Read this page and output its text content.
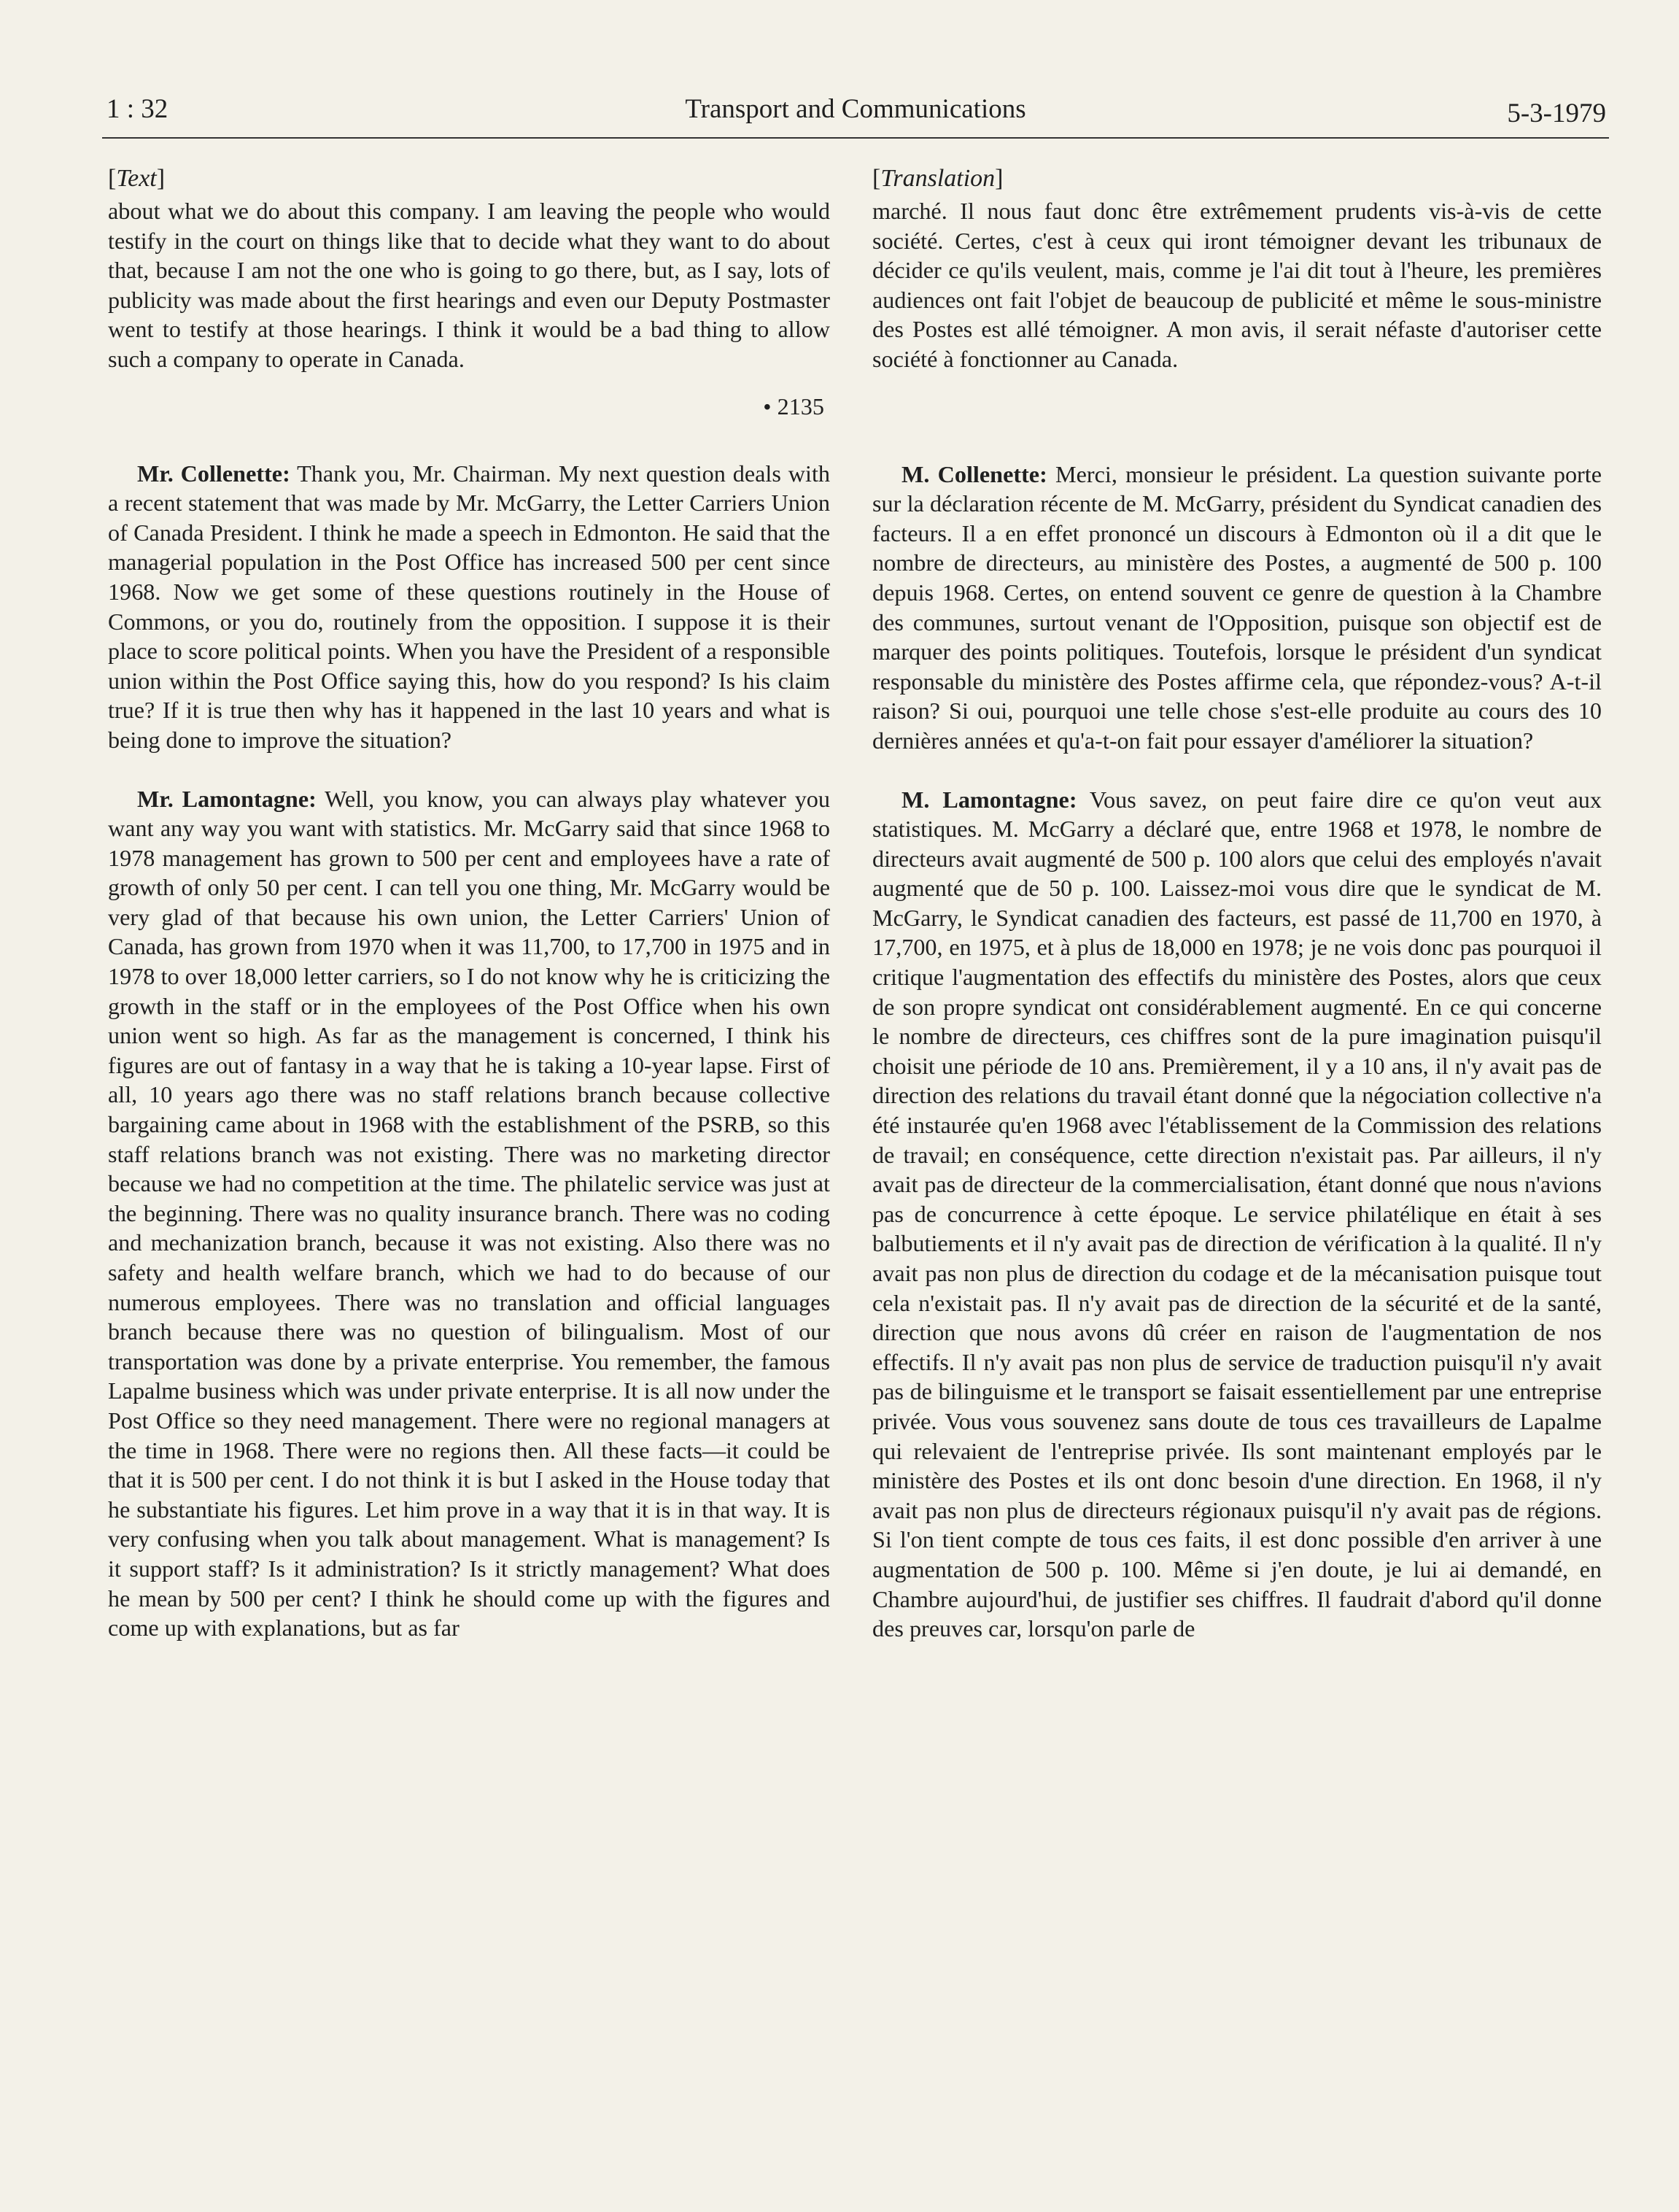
1 : 32	Transport and Communications	5-3-1979
[Text]

about what we do about this company. I am leaving the people who would testify in the court on things like that to decide what they want to do about that, because I am not the one who is going to go there, but, as I say, lots of publicity was made about the first hearings and even our Deputy Postmaster went to testify at those hearings. I think it would be a bad thing to allow such a company to operate in Canada.

• 2135

Mr. Collenette: Thank you, Mr. Chairman. My next question deals with a recent statement that was made by Mr. McGarry, the Letter Carriers Union of Canada President. I think he made a speech in Edmonton. He said that the managerial population in the Post Office has increased 500 per cent since 1968. Now we get some of these questions routinely in the House of Commons, or you do, routinely from the opposition. I suppose it is their place to score political points. When you have the President of a responsible union within the Post Office saying this, how do you respond? Is his claim true? If it is true then why has it happened in the last 10 years and what is being done to improve the situation?

Mr. Lamontagne: Well, you know, you can always play whatever you want any way you want with statistics. Mr. McGarry said that since 1968 to 1978 management has grown to 500 per cent and employees have a rate of growth of only 50 per cent. I can tell you one thing, Mr. McGarry would be very glad of that because his own union, the Letter Carriers' Union of Canada, has grown from 1970 when it was 11,700, to 17,700 in 1975 and in 1978 to over 18,000 letter carriers, so I do not know why he is criticizing the growth in the staff or in the employees of the Post Office when his own union went so high. As far as the management is concerned, I think his figures are out of fantasy in a way that he is taking a 10-year lapse. First of all, 10 years ago there was no staff relations branch because collective bargaining came about in 1968 with the establishment of the PSRB, so this staff relations branch was not existing. There was no marketing director because we had no competition at the time. The philatelic service was just at the beginning. There was no quality insurance branch. There was no coding and mechanization branch, because it was not existing. Also there was no safety and health welfare branch, which we had to do because of our numerous employees. There was no translation and official languages branch because there was no question of bilingualism. Most of our transportation was done by a private enterprise. You remember, the famous Lapalme business which was under private enterprise. It is all now under the Post Office so they need management. There were no regional managers at the time in 1968. There were no regions then. All these facts—it could be that it is 500 per cent. I do not think it is but I asked in the House today that he substantiate his figures. Let him prove in a way that it is in that way. It is very confusing when you talk about management. What is management? Is it support staff? Is it administration? Is it strictly management? What does he mean by 500 per cent? I think he should come up with the figures and come up with explanations, but as far

[Translation]

marché. Il nous faut donc être extrêmement prudents vis-à-vis de cette société. Certes, c'est à ceux qui iront témoigner devant les tribunaux de décider ce qu'ils veulent, mais, comme je l'ai dit tout à l'heure, les premières audiences ont fait l'objet de beaucoup de publicité et même le sous-ministre des Postes est allé témoigner. A mon avis, il serait néfaste d'autoriser cette société à fonctionner au Canada.

M. Collenette: Merci, monsieur le président. La question suivante porte sur la déclaration récente de M. McGarry, président du Syndicat canadien des facteurs. Il a en effet prononcé un discours à Edmonton où il a dit que le nombre de directeurs, au ministère des Postes, a augmenté de 500 p. 100 depuis 1968. Certes, on entend souvent ce genre de question à la Chambre des communes, surtout venant de l'Opposition, puisque son objectif est de marquer des points politiques. Toutefois, lorsque le président d'un syndicat responsable du ministère des Postes affirme cela, que répondez-vous? A-t-il raison? Si oui, pourquoi une telle chose s'est-elle produite au cours des 10 dernières années et qu'a-t-on fait pour essayer d'améliorer la situation?

M. Lamontagne: Vous savez, on peut faire dire ce qu'on veut aux statistiques. M. McGarry a déclaré que, entre 1968 et 1978, le nombre de directeurs avait augmenté de 500 p. 100 alors que celui des employés n'avait augmenté que de 50 p. 100. Laissez-moi vous dire que le syndicat de M. McGarry, le Syndicat canadien des facteurs, est passé de 11,700 en 1970, à 17,700, en 1975, et à plus de 18,000 en 1978; je ne vois donc pas pourquoi il critique l'augmentation des effectifs du ministère des Postes, alors que ceux de son propre syndicat ont considérablement augmenté. En ce qui concerne le nombre de directeurs, ces chiffres sont de la pure imagination puisqu'il choisit une période de 10 ans. Premièrement, il y a 10 ans, il n'y avait pas de direction des relations du travail étant donné que la négociation collective n'a été instaurée qu'en 1968 avec l'établissement de la Commission des relations de travail; en conséquence, cette direction n'existait pas. Par ailleurs, il n'y avait pas de directeur de la commercialisation, étant donné que nous n'avions pas de concurrence à cette époque. Le service philatélique en était à ses balbutiements et il n'y avait pas de direction de vérification à la qualité. Il n'y avait pas non plus de direction du codage et de la mécanisation puisque tout cela n'existait pas. Il n'y avait pas de direction de la sécurité et de la santé, direction que nous avons dû créer en raison de l'augmentation de nos effectifs. Il n'y avait pas non plus de service de traduction puisqu'il n'y avait pas de bilinguisme et le transport se faisait essentiellement par une entreprise privée. Vous vous souvenez sans doute de tous ces travailleurs de Lapalme qui relevaient de l'entreprise privée. Ils sont maintenant employés par le ministère des Postes et ils ont donc besoin d'une direction. En 1968, il n'y avait pas non plus de directeurs régionaux puisqu'il n'y avait pas de régions. Si l'on tient compte de tous ces faits, il est donc possible d'en arriver à une augmentation de 500 p. 100. Même si j'en doute, je lui ai demandé, en Chambre aujourd'hui, de justifier ses chiffres. Il faudrait d'abord qu'il donne des preuves car, lorsqu'on parle de
